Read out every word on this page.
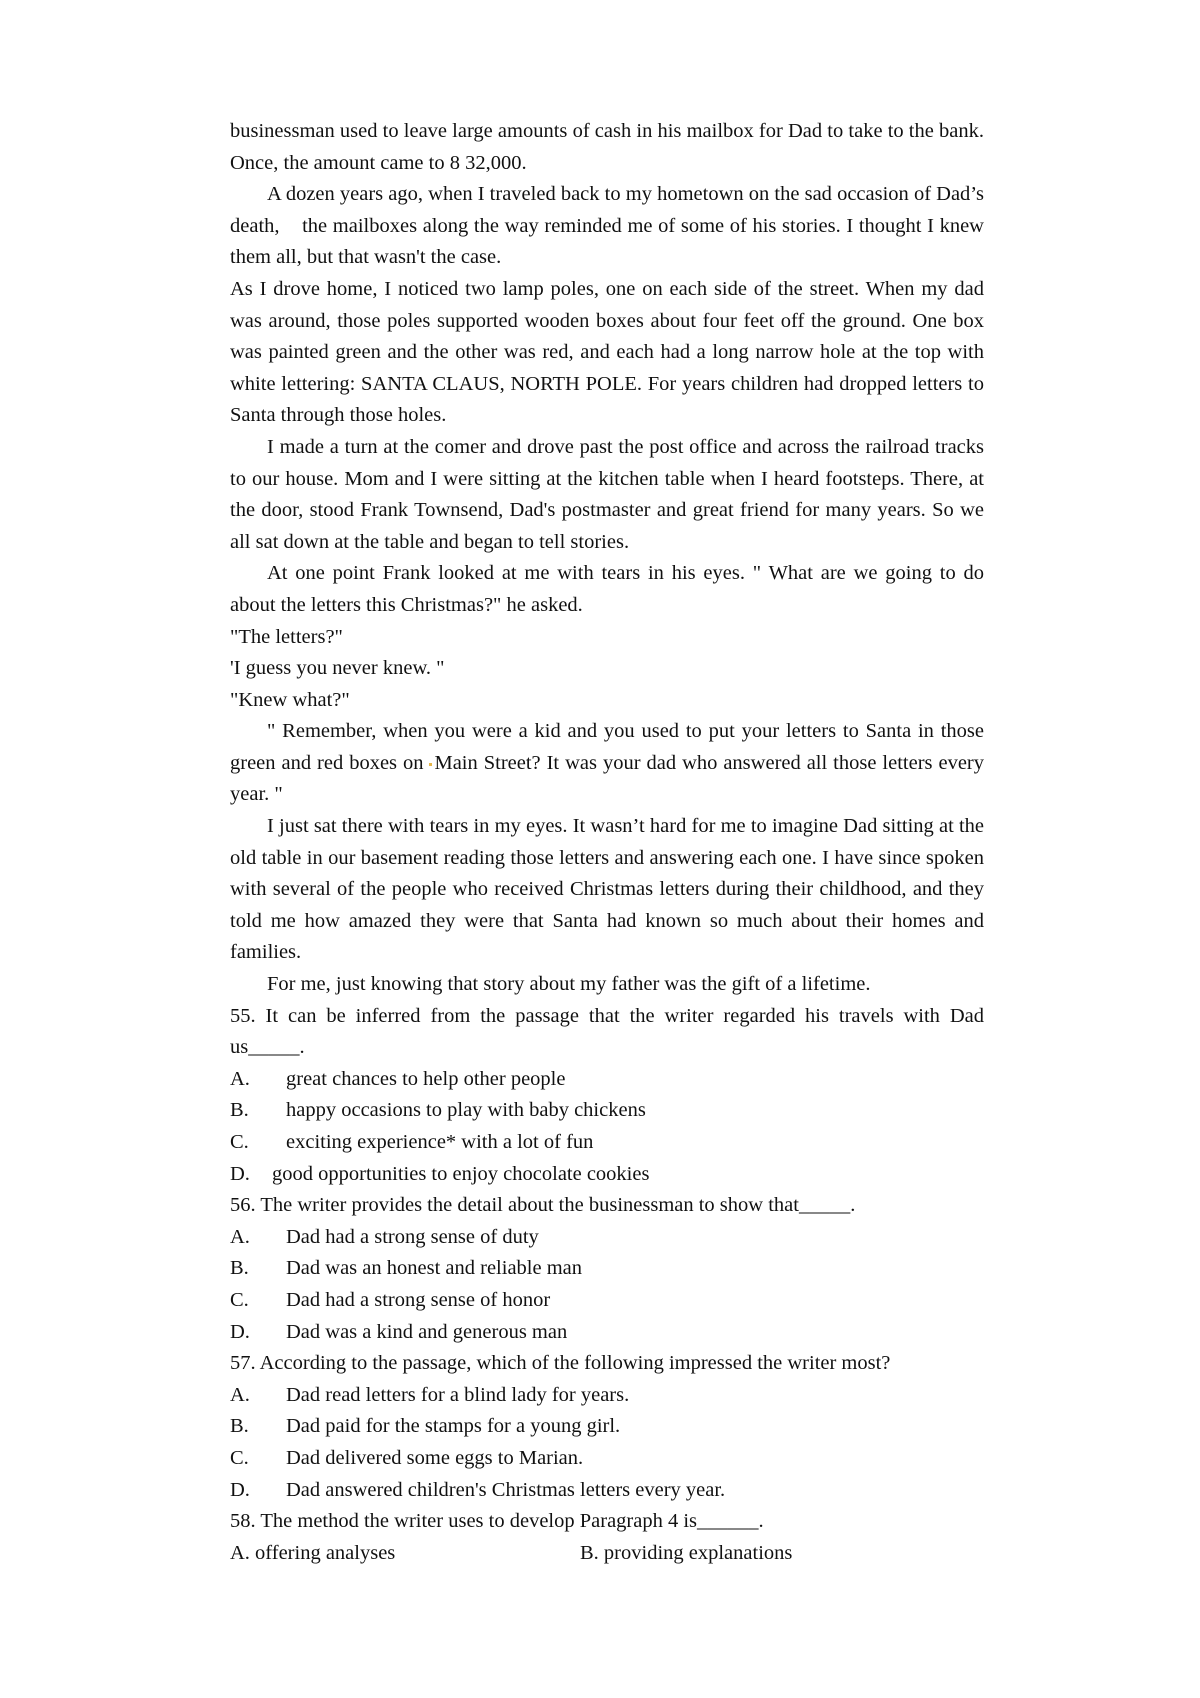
businessman used to leave large amounts of cash in his mailbox for Dad to take to the bank. Once, the amount came to 8 32,000.

A dozen years ago, when I traveled back to my hometown on the sad occasion of Dad’s death,    the mailboxes along the way reminded me of some of his stories. I thought I knew them all, but that wasn't the case.

As I drove home, I noticed two lamp poles, one on each side of the street. When my dad was around, those poles supported wooden boxes about four feet off the ground. One box was painted green and the other was red, and each had a long narrow hole at the top with white lettering: SANTA CLAUS, NORTH POLE. For years children had dropped letters to Santa through those holes.

I made a turn at the comer and drove past the post office and across the railroad tracks to our house. Mom and I were sitting at the kitchen table when I heard footsteps. There, at the door, stood Frank Townsend, Dad's postmaster and great friend for many years. So we all sat down at the table and began to tell stories.

At one point Frank looked at me with tears in his eyes. " What are we going to do about the letters this Christmas?" he asked.

"The letters?"

'I guess you never knew. "

"Knew what?"

" Remember, when you were a kid and you used to put your letters to Santa in those green and red boxes on Main Street? It was your dad who answered all those letters every year. "

I just sat there with tears in my eyes. It wasn’t hard for me to imagine Dad sitting at the old table in our basement reading those letters and answering each one. I have since spoken with several of the people who received Christmas letters during their childhood, and they told me how amazed they were that Santa had known so much about their homes and families.

For me, just knowing that story about my father was the gift of a lifetime.

55. It can be inferred from the passage that the writer regarded his travels with Dad us_____.

A.	great chances to help other people
B.	happy occasions to play with baby chickens
C.	exciting experience* with a lot of fun
D.	good opportunities to enjoy chocolate cookies

56. The writer provides the detail about the businessman to show that_____.

A.	Dad had a strong sense of duty
B.	Dad was an honest and reliable man
C.	Dad had a strong sense of honor
D.	Dad was a kind and generous man

57. According to the passage, which of the following impressed the writer most?

A.	Dad read letters for a blind lady for years.
B.	Dad paid for the stamps for a young girl.
C.	Dad delivered some eggs to Marian.
D.	Dad answered children's Christmas letters every year.

58. The method the writer uses to develop Paragraph 4 is______.

A. offering analyses	B. providing explanations
